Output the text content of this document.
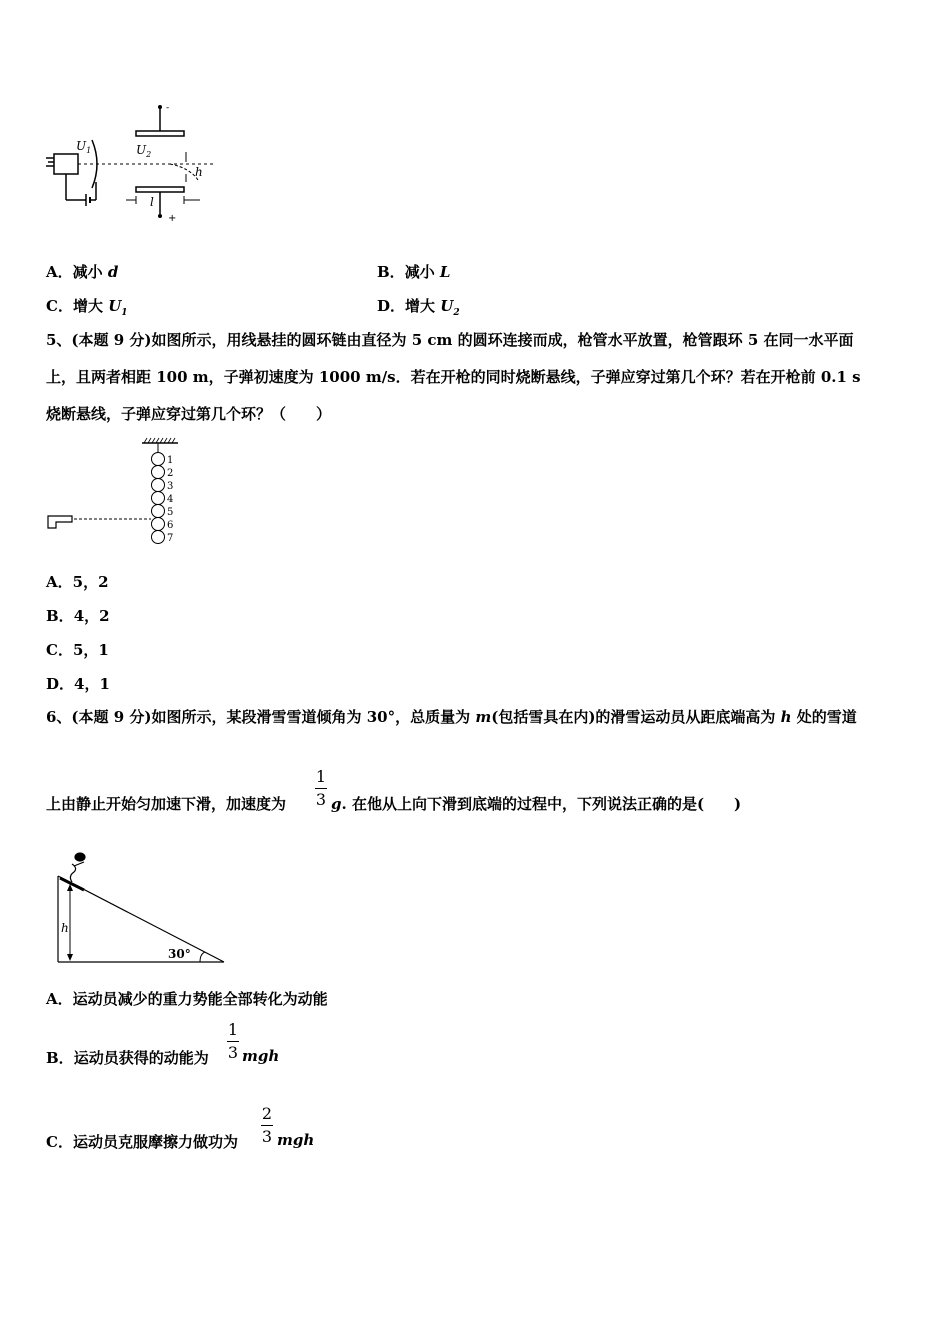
$U_1$	$U_2$
h
l
-
+
A．减小 d	B．减小 L
C．增大 $U_1$	D．增大 $U_2$
5、(本题 9 分)如图所示，用线悬挂的圆环链由直径为 5 cm 的圆环连接而成，枪管水平放置，枪管跟环 5 在同一水平面
上，且两者相距 100 m，子弹初速度为 1000 m/s．若在开枪的同时烧断悬线，子弹应穿过第几个环？若在开枪前 0.1 s
烧断悬线，子弹应穿过第几个环？（　　）
1
2
3
4
5
6
7
A．5，2
B．4，2
C．5，1
D．4，1
6、(本题 9 分)如图所示，某段滑雪雪道倾角为 30°，总质量为 m(包括雪具在内)的滑雪运动员从距底端高为 h 处的雪道
上由静止开始匀加速下滑，加速度为
1
3 g. 在他从上向下滑到底端的过程中，下列说法正确的是(　　)
h
30°
A．运动员减少的重力势能全部转化为动能
B．运动员获得的动能为
1
3 mgh
C．运动员克服摩擦力做功为
2
3 mgh
